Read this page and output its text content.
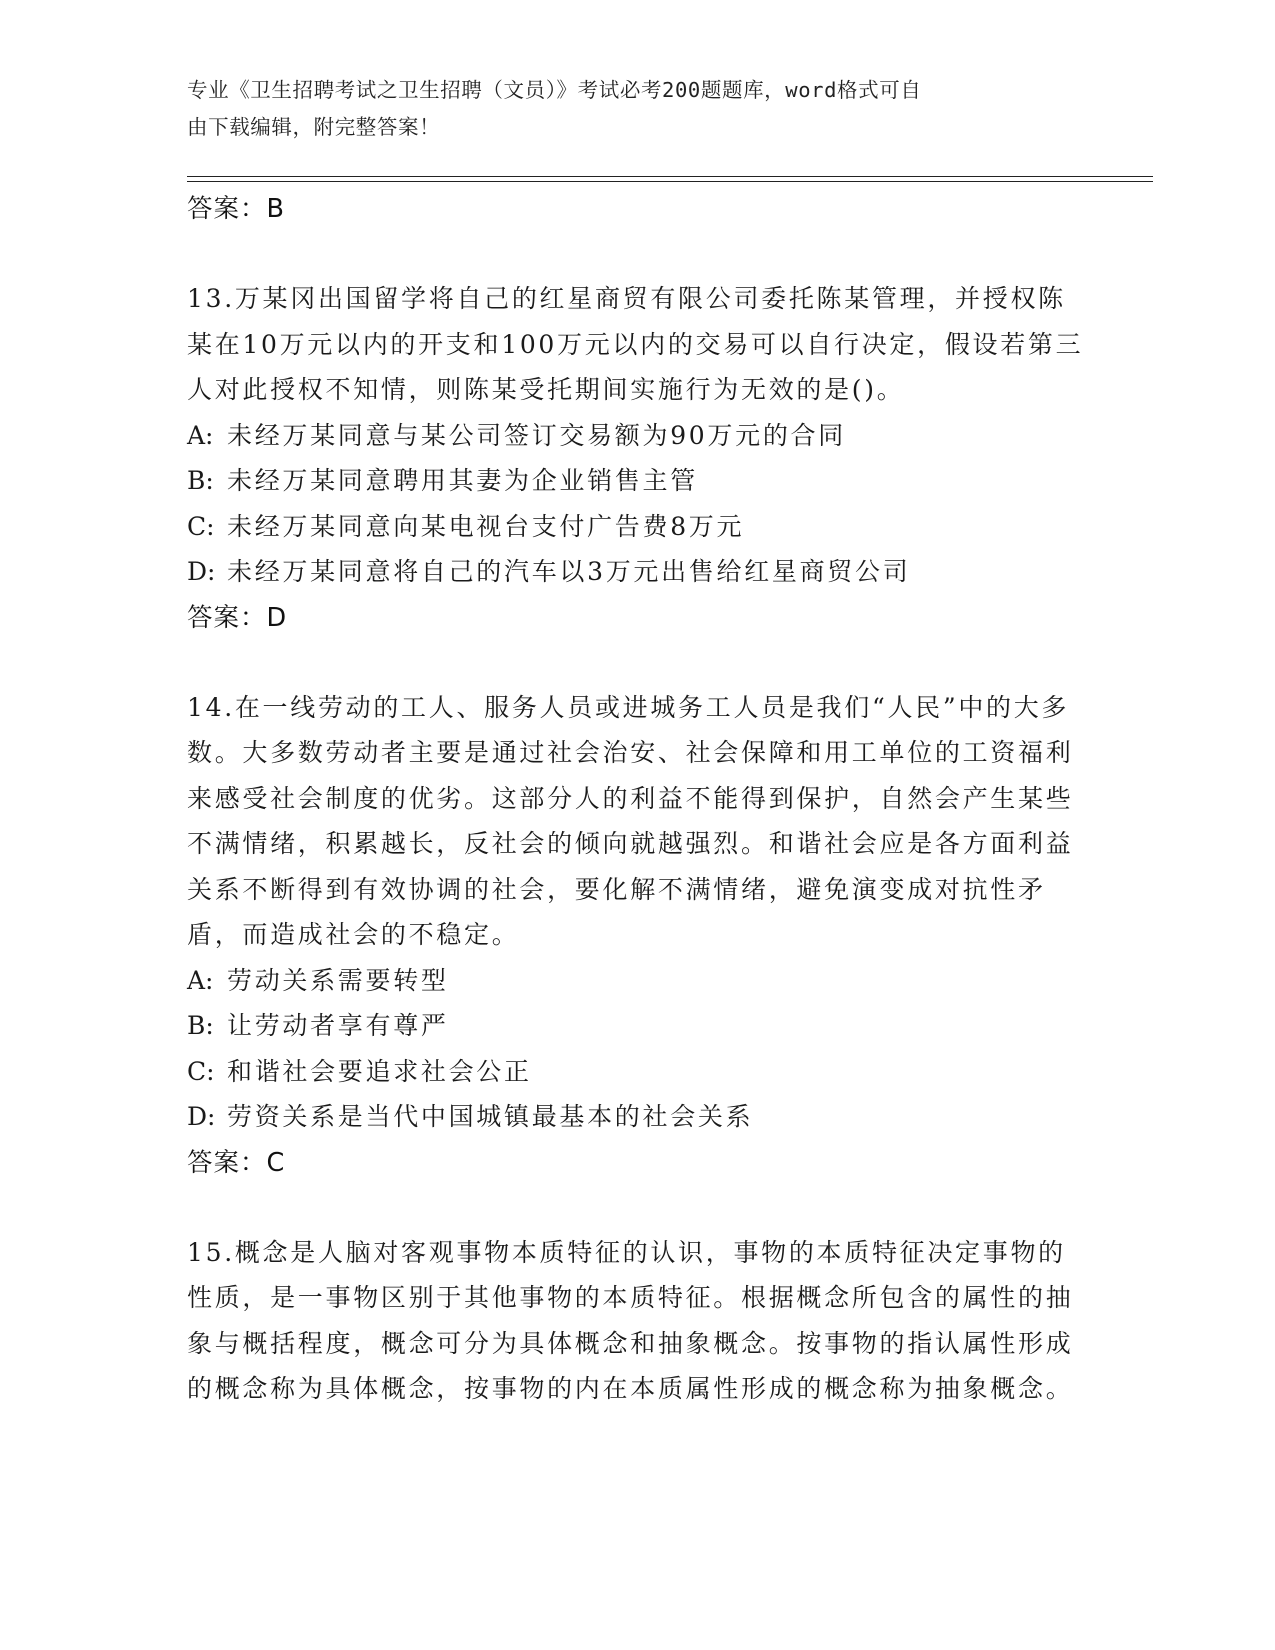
专业《卫生招聘考试之卫生招聘（文员）》考试必考200题题库，word格式可自
由下载编辑，附完整答案！
答案：B
13.万某冈出国留学将自己的红星商贸有限公司委托陈某管理，并授权陈某在10万元以内的开支和100万元以内的交易可以自行决定，假设若第三人对此授权不知情，则陈某受托期间实施行为无效的是()。
A: 未经万某同意与某公司签订交易额为90万元的合同
B: 未经万某同意聘用其妻为企业销售主管
C: 未经万某同意向某电视台支付广告费8万元
D: 未经万某同意将自己的汽车以3万元出售给红星商贸公司
答案：D
14.在一线劳动的工人、服务人员或进城务工人员是我们“人民”中的大多数。大多数劳动者主要是通过社会治安、社会保障和用工单位的工资福利来感受社会制度的优劣。这部分人的利益不能得到保护，自然会产生某些不满情绪，积累越长，反社会的倾向就越强烈。和谐社会应是各方面利益关系不断得到有效协调的社会，要化解不满情绪，避免演变成对抗性矛盾，而造成社会的不稳定。
A: 劳动关系需要转型
B: 让劳动者享有尊严
C: 和谐社会要追求社会公正
D: 劳资关系是当代中国城镇最基本的社会关系
答案：C
15.概念是人脑对客观事物本质特征的认识，事物的本质特征决定事物的性质，是一事物区别于其他事物的本质特征。根据概念所包含的属性的抽象与概括程度，概念可分为具体概念和抽象概念。按事物的指认属性形成的概念称为具体概念，按事物的内在本质属性形成的概念称为抽象概念。
